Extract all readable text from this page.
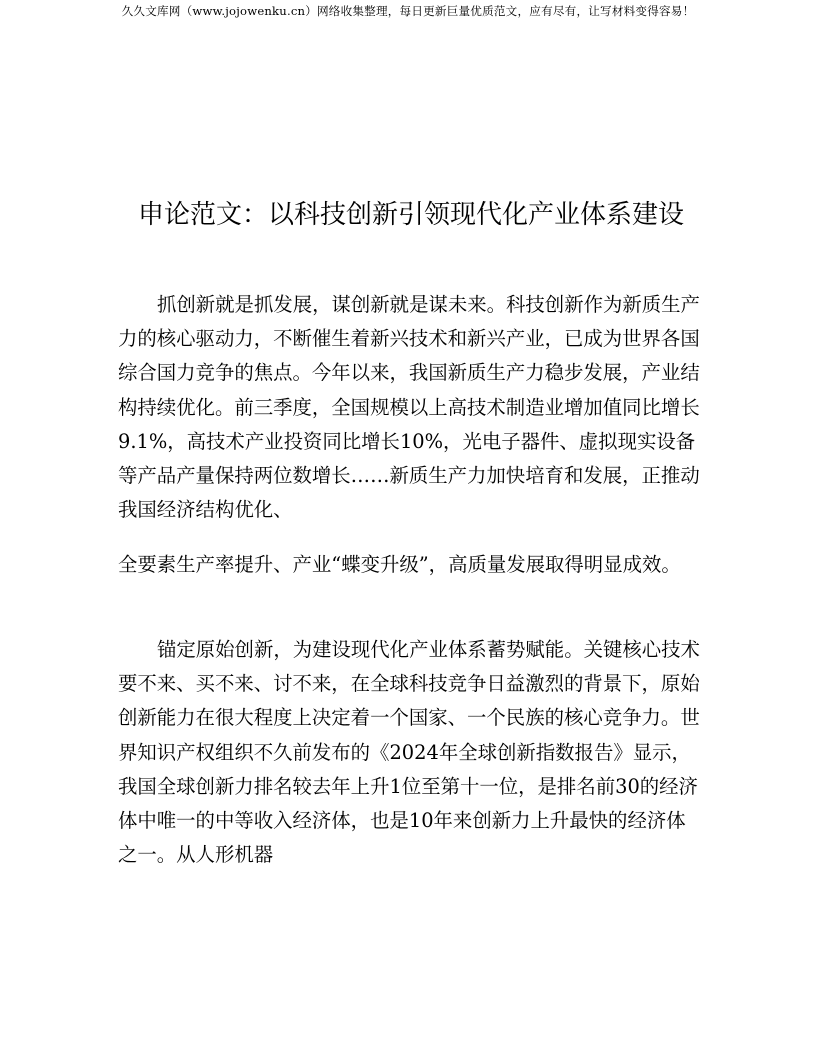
久久文库网（www.jojowenku.cn）网络收集整理，每日更新巨量优质范文，应有尽有，让写材料变得容易！
申论范文：以科技创新引领现代化产业体系建设

抓创新就是抓发展，谋创新就是谋未来。科技创新作为新质生产力的核心驱动力，不断催生着新兴技术和新兴产业，已成为世界各国综合国力竞争的焦点。今年以来，我国新质生产力稳步发展，产业结构持续优化。前三季度，全国规模以上高技术制造业增加值同比增长9.1%，高技术产业投资同比增长10%，光电子器件、虚拟现实设备等产品产量保持两位数增长……新质生产力加快培育和发展，正推动我国经济结构优化、

全要素生产率提升、产业“蝶变升级”，高质量发展取得明显成效。

锚定原始创新，为建设现代化产业体系蓄势赋能。关键核心技术要不来、买不来、讨不来，在全球科技竞争日益激烈的背景下，原始创新能力在很大程度上决定着一个国家、一个民族的核心竞争力。世界知识产权组织不久前发布的《2024年全球创新指数报告》显示，我国全球创新力排名较去年上升1位至第十一位，是排名前30的经济体中唯一的中等收入经济体，也是10年来创新力上升最快的经济体之一。从人形机器
